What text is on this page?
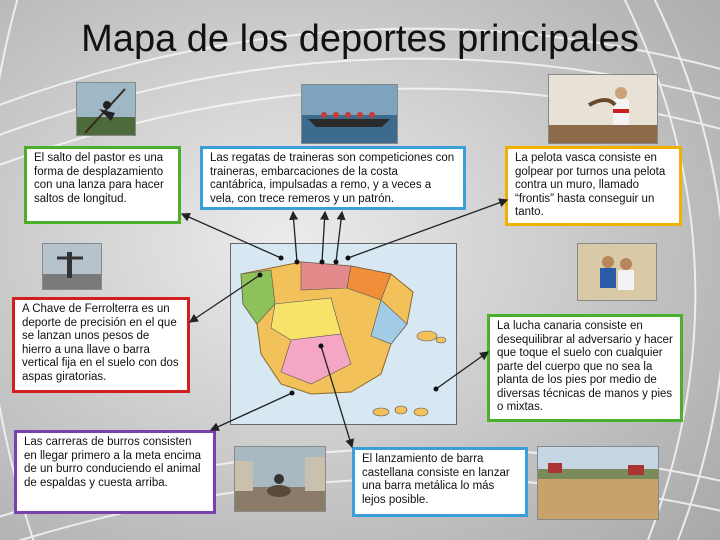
Mapa de los deportes principales
El salto del pastor es una forma de desplazamiento con una lanza para hacer saltos de longitud.
Las regatas de traineras son competiciones con traineras, embarcaciones de la costa cantábrica, impulsadas a remo, y a veces a vela, con trece remeros y un patrón.
La pelota vasca consiste en golpear por turnos una pelota contra un muro, llamado “frontis” hasta conseguir un tanto.
A Chave de Ferrolterra es un deporte de precisión en el que se lanzan unos pesos de hierro a una llave o barra vertical fija en el suelo con dos aspas giratorias.
La lucha canaria consiste en desequilibrar al adversario y hacer que toque el suelo con cualquier parte del cuerpo que no sea la planta de los pies por medio de diversas técnicas de manos y pies o mixtas.
Las carreras de burros consisten en llegar primero a la meta encima de un burro conduciendo el animal de espaldas y cuesta arriba.
El lanzamiento de barra castellana consiste en lanzar una barra metálica lo más lejos posible.
